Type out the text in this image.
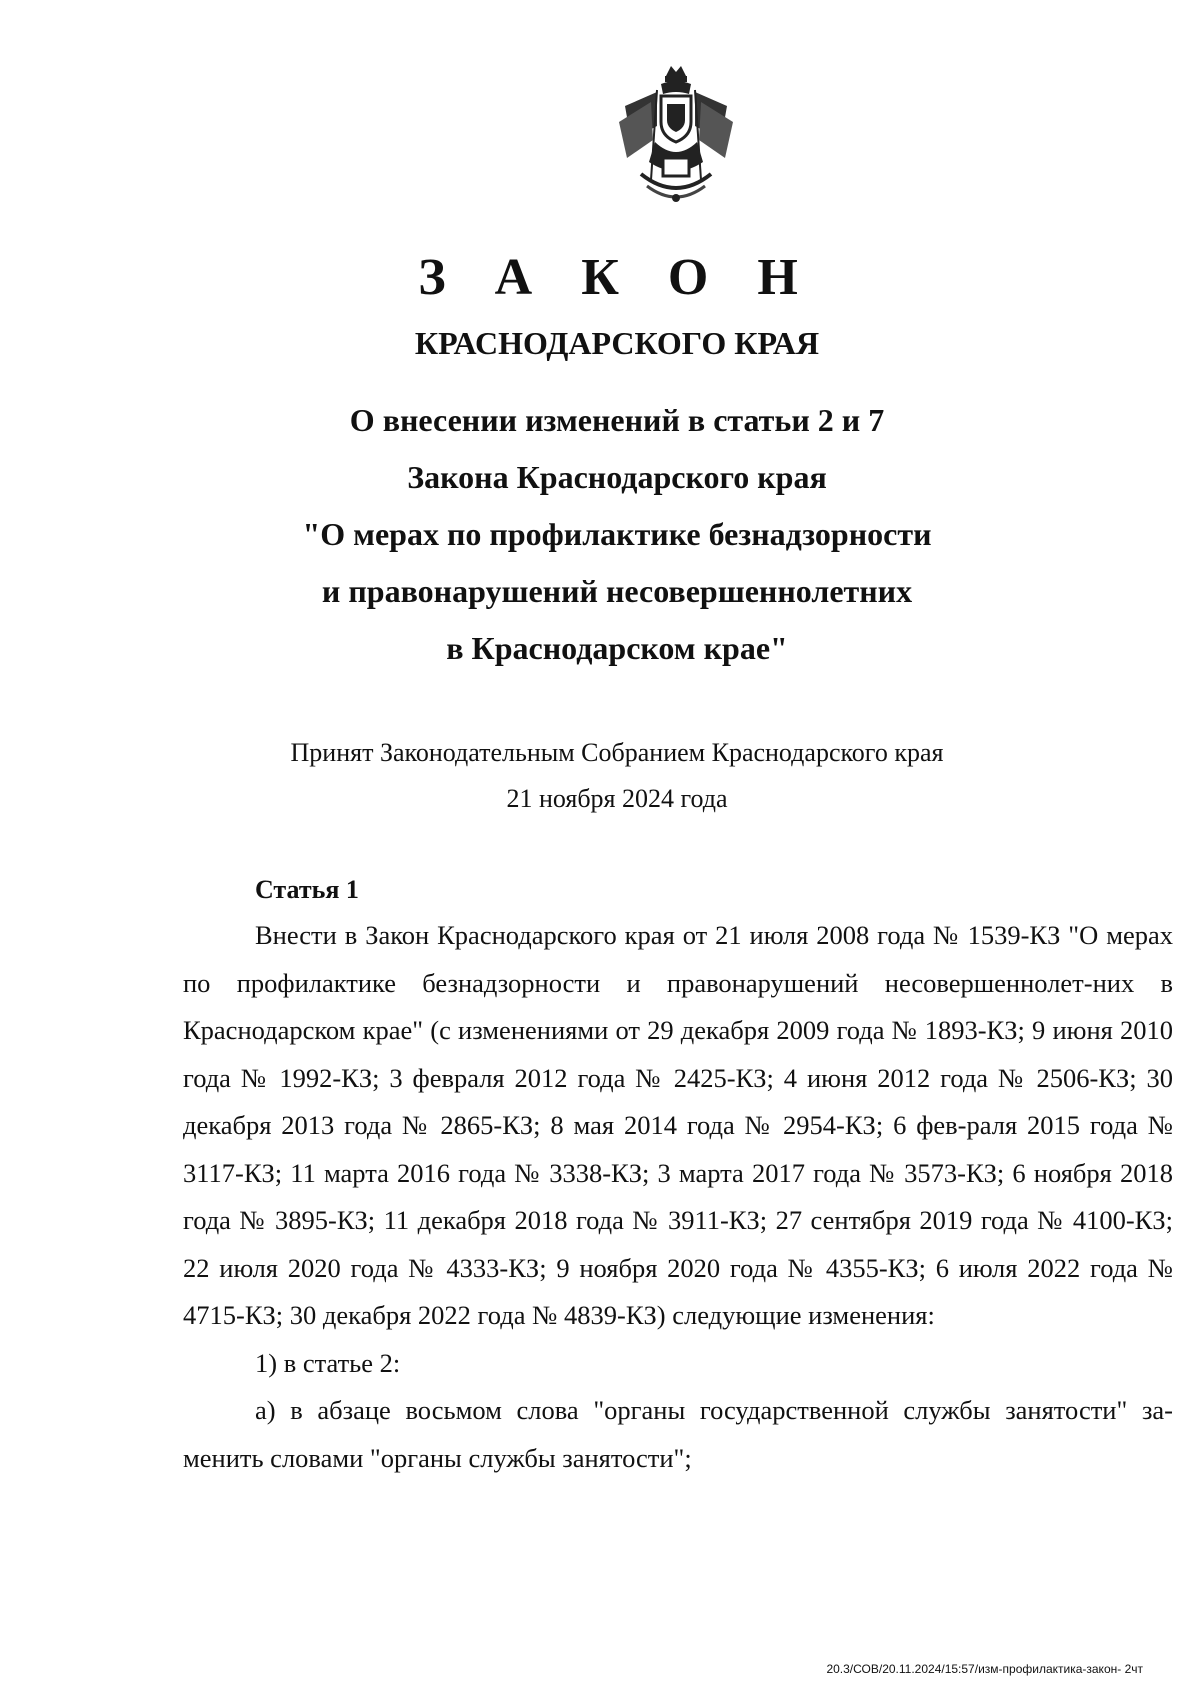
З А К О Н
КРАСНОДАРСКОГО КРАЯ
О внесении изменений в статьи 2 и 7
Закона Краснодарского края
"О мерах по профилактике безнадзорности
и правонарушений несовершеннолетних
в Краснодарском крае"
Принят Законодательным Собранием Краснодарского края
21 ноября 2024 года
Статья 1

Внести в Закон Краснодарского края от 21 июля 2008 года № 1539-КЗ "О мерах по профилактике безнадзорности и правонарушений несовершеннолет-них в Краснодарском крае" (с изменениями от 29 декабря 2009 года № 1893-КЗ; 9 июня 2010 года № 1992-КЗ; 3 февраля 2012 года № 2425-КЗ; 4 июня 2012 года № 2506-КЗ; 30 декабря 2013 года № 2865-КЗ; 8 мая 2014 года № 2954-КЗ; 6 фев-раля 2015 года № 3117-КЗ; 11 марта 2016 года № 3338-КЗ; 3 марта 2017 года № 3573-КЗ; 6 ноября 2018 года № 3895-КЗ; 11 декабря 2018 года № 3911-КЗ; 27 сентября 2019 года № 4100-КЗ; 22 июля 2020 года № 4333-КЗ; 9 ноября 2020 года № 4355-КЗ; 6 июля 2022 года № 4715-КЗ; 30 декабря 2022 года № 4839-КЗ) следующие изменения:

1) в статье 2:

а) в абзаце восьмом слова "органы государственной службы занятости" за-менить словами "органы службы занятости";

20.3/СОВ/20.11.2024/15:57/изм-профилактика-закон- 2чт
